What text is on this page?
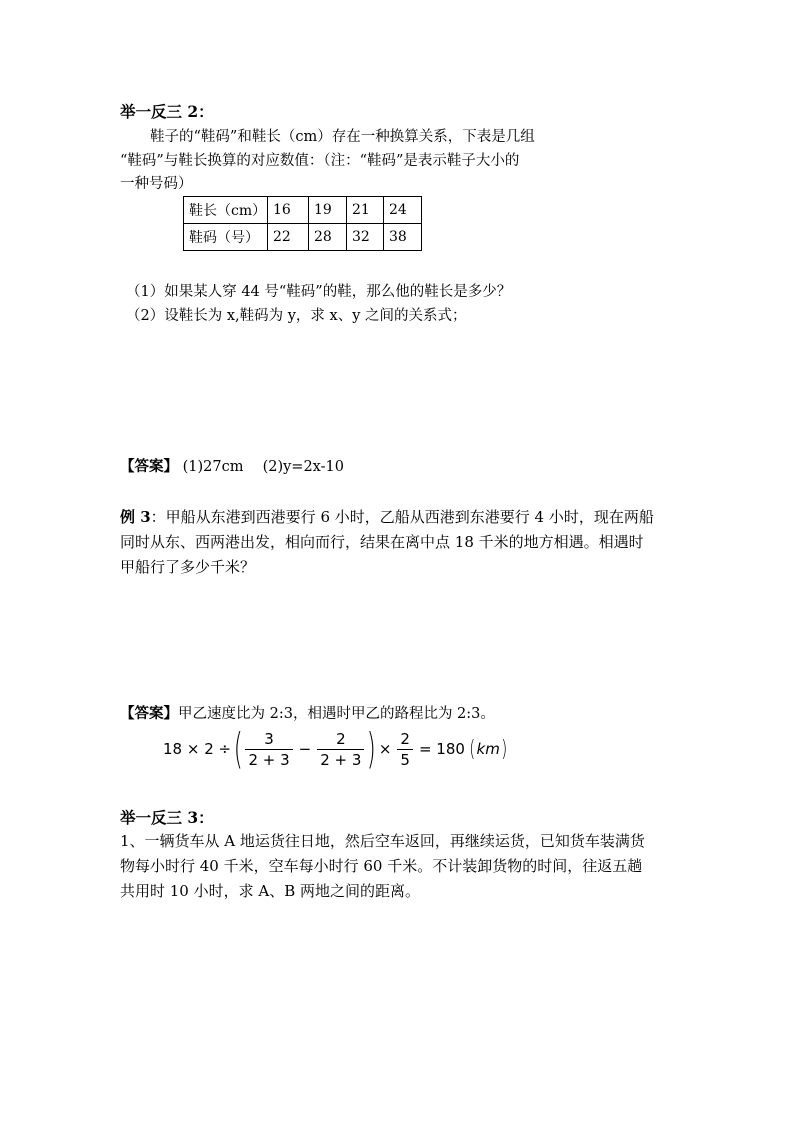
举一反三 2：
鞋子的“鞋码”和鞋长（cm）存在一种换算关系，下表是几组
“鞋码”与鞋长换算的对应数值：（注：“鞋码”是表示鞋子大小的
一种号码）
鞋长（cm）	16	19	21	24
鞋码（号）	22	28	32	38
（1）如果某人穿 44 号“鞋码”的鞋，那么他的鞋长是多少？
（2）设鞋长为 x,鞋码为 y，求 x、y 之间的关系式；
【答案】 (1)27cm　 (2)y=2x-10
例 3：甲船从东港到西港要行 6 小时，乙船从西港到东港要行 4 小时，现在两船
同时从东、西两港出发，相向而行，结果在离中点 18 千米的地方相遇。相遇时
甲船行了多少千米？
【答案】甲乙速度比为 2:3，相遇时甲乙的路程比为 2:3。
18 × 2 ÷ ( $\frac{3}{2 + 3} - \frac{2}{2 + 3}$ ) × $\frac{2}{5} = 180$ ( km )
举一反三 3：
1、一辆货车从 A 地运货往日地，然后空车返回，再继续运货，已知货车装满货
物每小时行 40 千米，空车每小时行 60 千米。不计装卸货物的时间，往返五趟
共用时 10 小时，求 A、B 两地之间的距离。
